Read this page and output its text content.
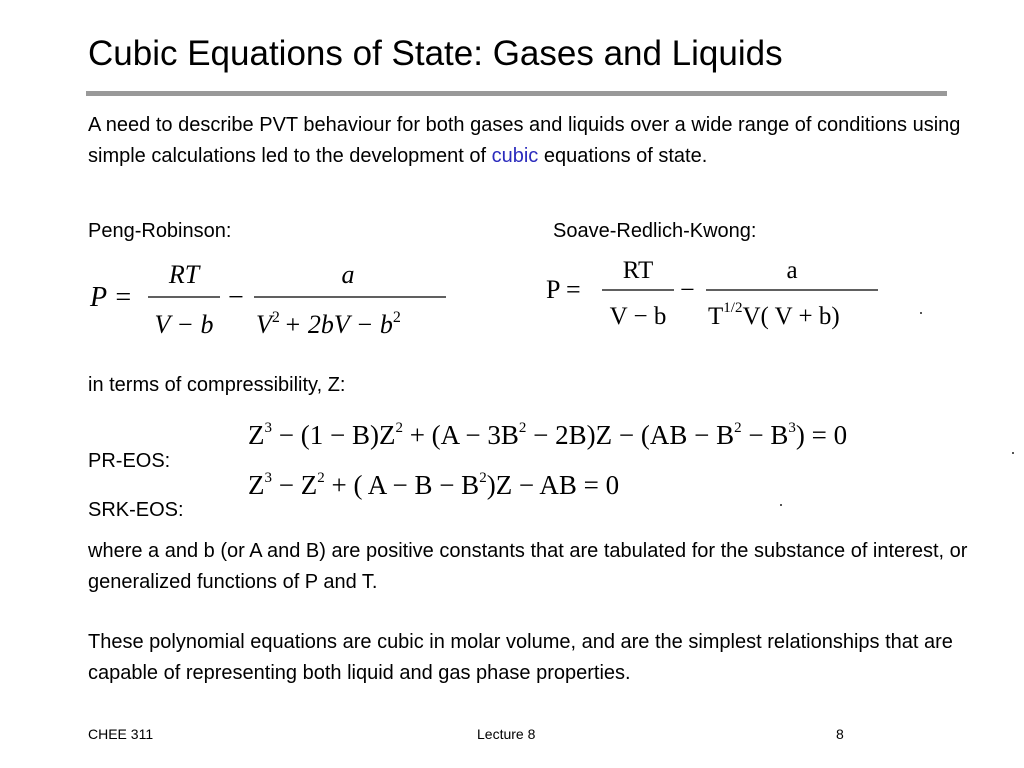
Cubic Equations of State: Gases and Liquids
A need to describe PVT behaviour for both gases and liquids over a wide range of conditions using simple calculations led to the development of cubic equations of state.
Peng-Robinson:	Soave-Redlich-Kwong:
P =
RT
V − b
−
a
$V^2 + 2bV - b^2$
P =
RT
V − b
−
a
$T^{1/2}V$( V + b)
in terms of compressibility, Z:
$Z^3 - (1 - B)Z^2 + (A - 3B^2 - 2B)Z - (AB - B^2 - B^3) = 0$
PR-EOS:
$Z^3 - Z^2$ + ( $A - B - B^2)Z$ − AB = 0
SRK-EOS:
where a and b (or A and B) are positive constants that are tabulated for the substance of interest, or generalized functions of P and T.
These polynomial equations are cubic in molar volume, and are the simplest relationships that are capable of representing both liquid and gas phase properties.
CHEE 311	Lecture 8	8
